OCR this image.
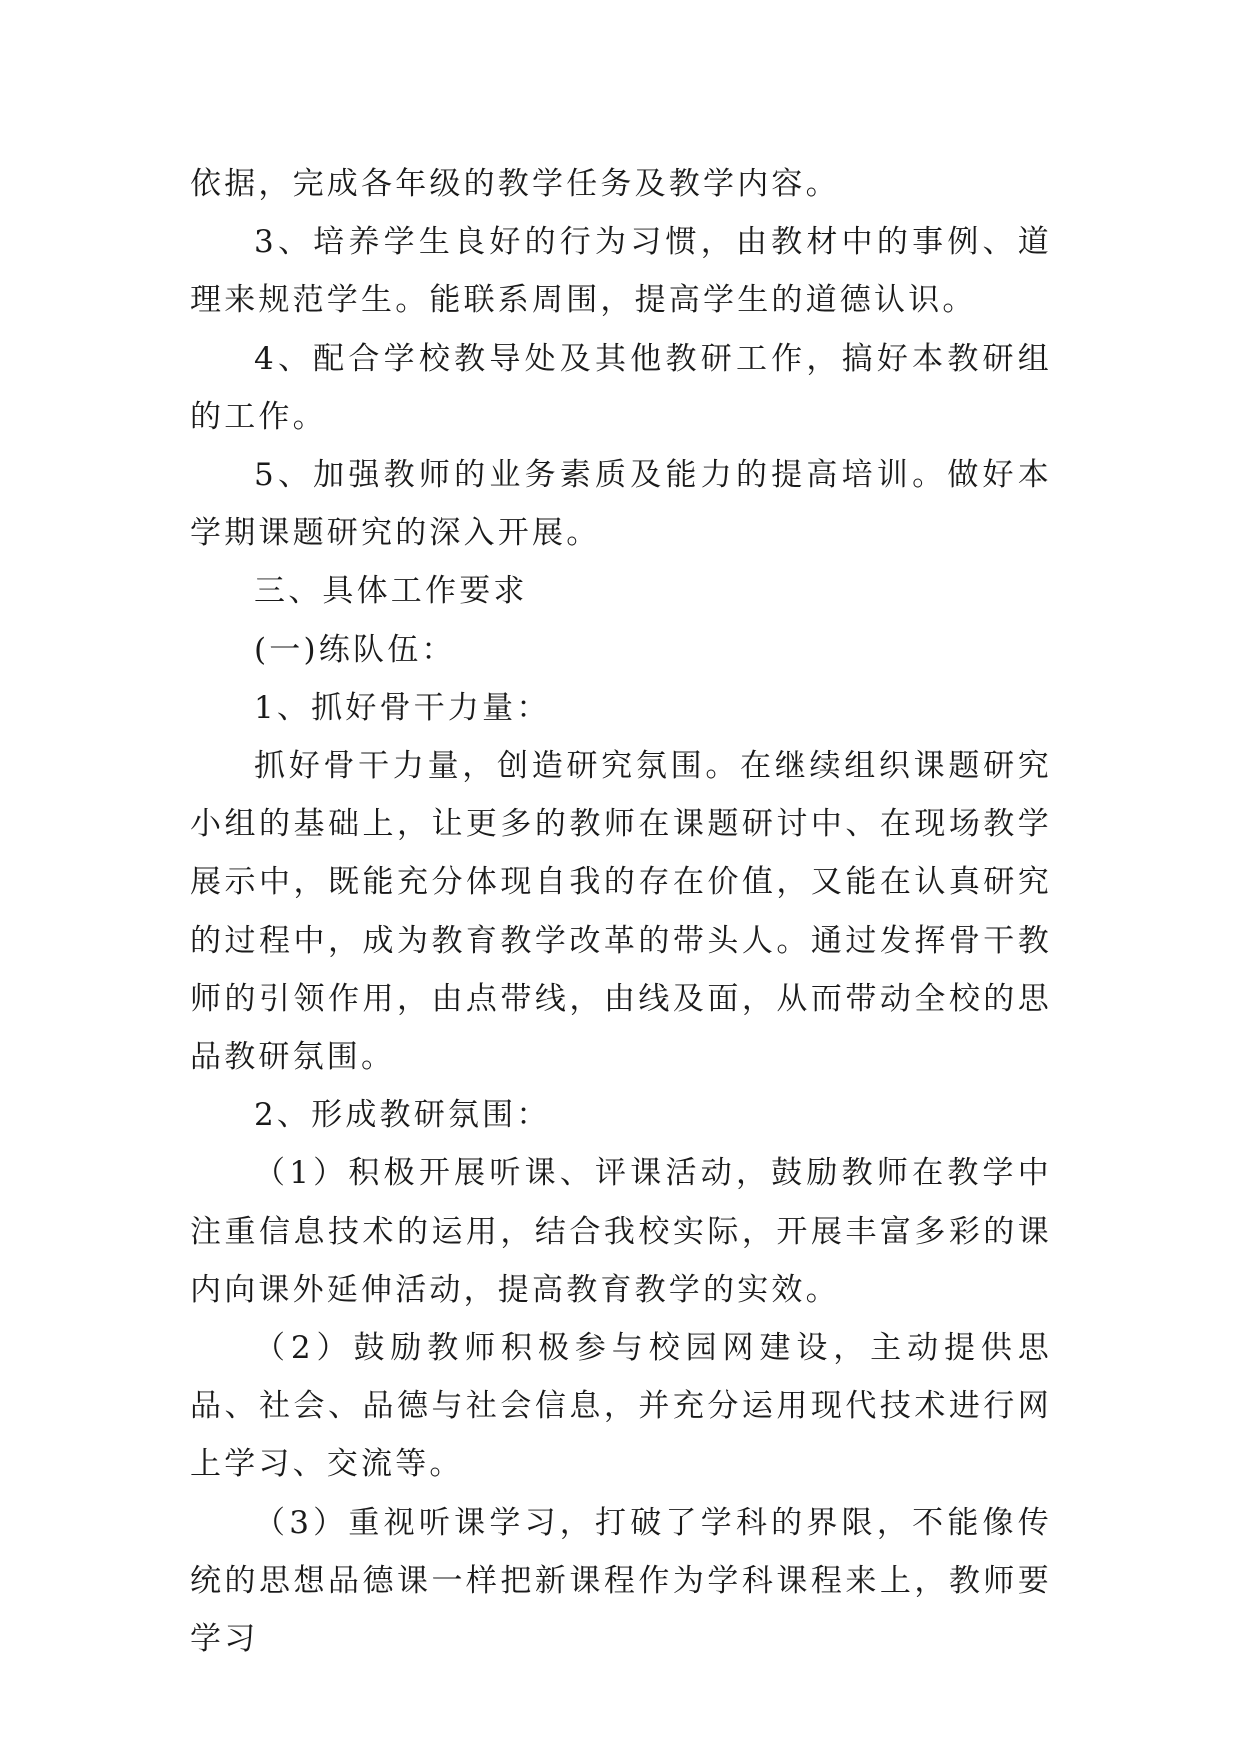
依据，完成各年级的教学任务及教学内容。

3、培养学生良好的行为习惯，由教材中的事例、道理来规范学生。能联系周围，提高学生的道德认识。

4、配合学校教导处及其他教研工作，搞好本教研组的工作。

5、加强教师的业务素质及能力的提高培训。做好本学期课题研究的深入开展。

三、具体工作要求

(一)练队伍：

1、抓好骨干力量：

抓好骨干力量，创造研究氛围。在继续组织课题研究小组的基础上，让更多的教师在课题研讨中、在现场教学展示中，既能充分体现自我的存在价值，又能在认真研究的过程中，成为教育教学改革的带头人。通过发挥骨干教师的引领作用，由点带线，由线及面，从而带动全校的思品教研氛围。

2、形成教研氛围：

（1）积极开展听课、评课活动，鼓励教师在教学中注重信息技术的运用，结合我校实际，开展丰富多彩的课内向课外延伸活动，提高教育教学的实效。

（2）鼓励教师积极参与校园网建设，主动提供思品、社会、品德与社会信息，并充分运用现代技术进行网上学习、交流等。

（3）重视听课学习，打破了学科的界限，不能像传统的思想品德课一样把新课程作为学科课程来上，教师要学习
